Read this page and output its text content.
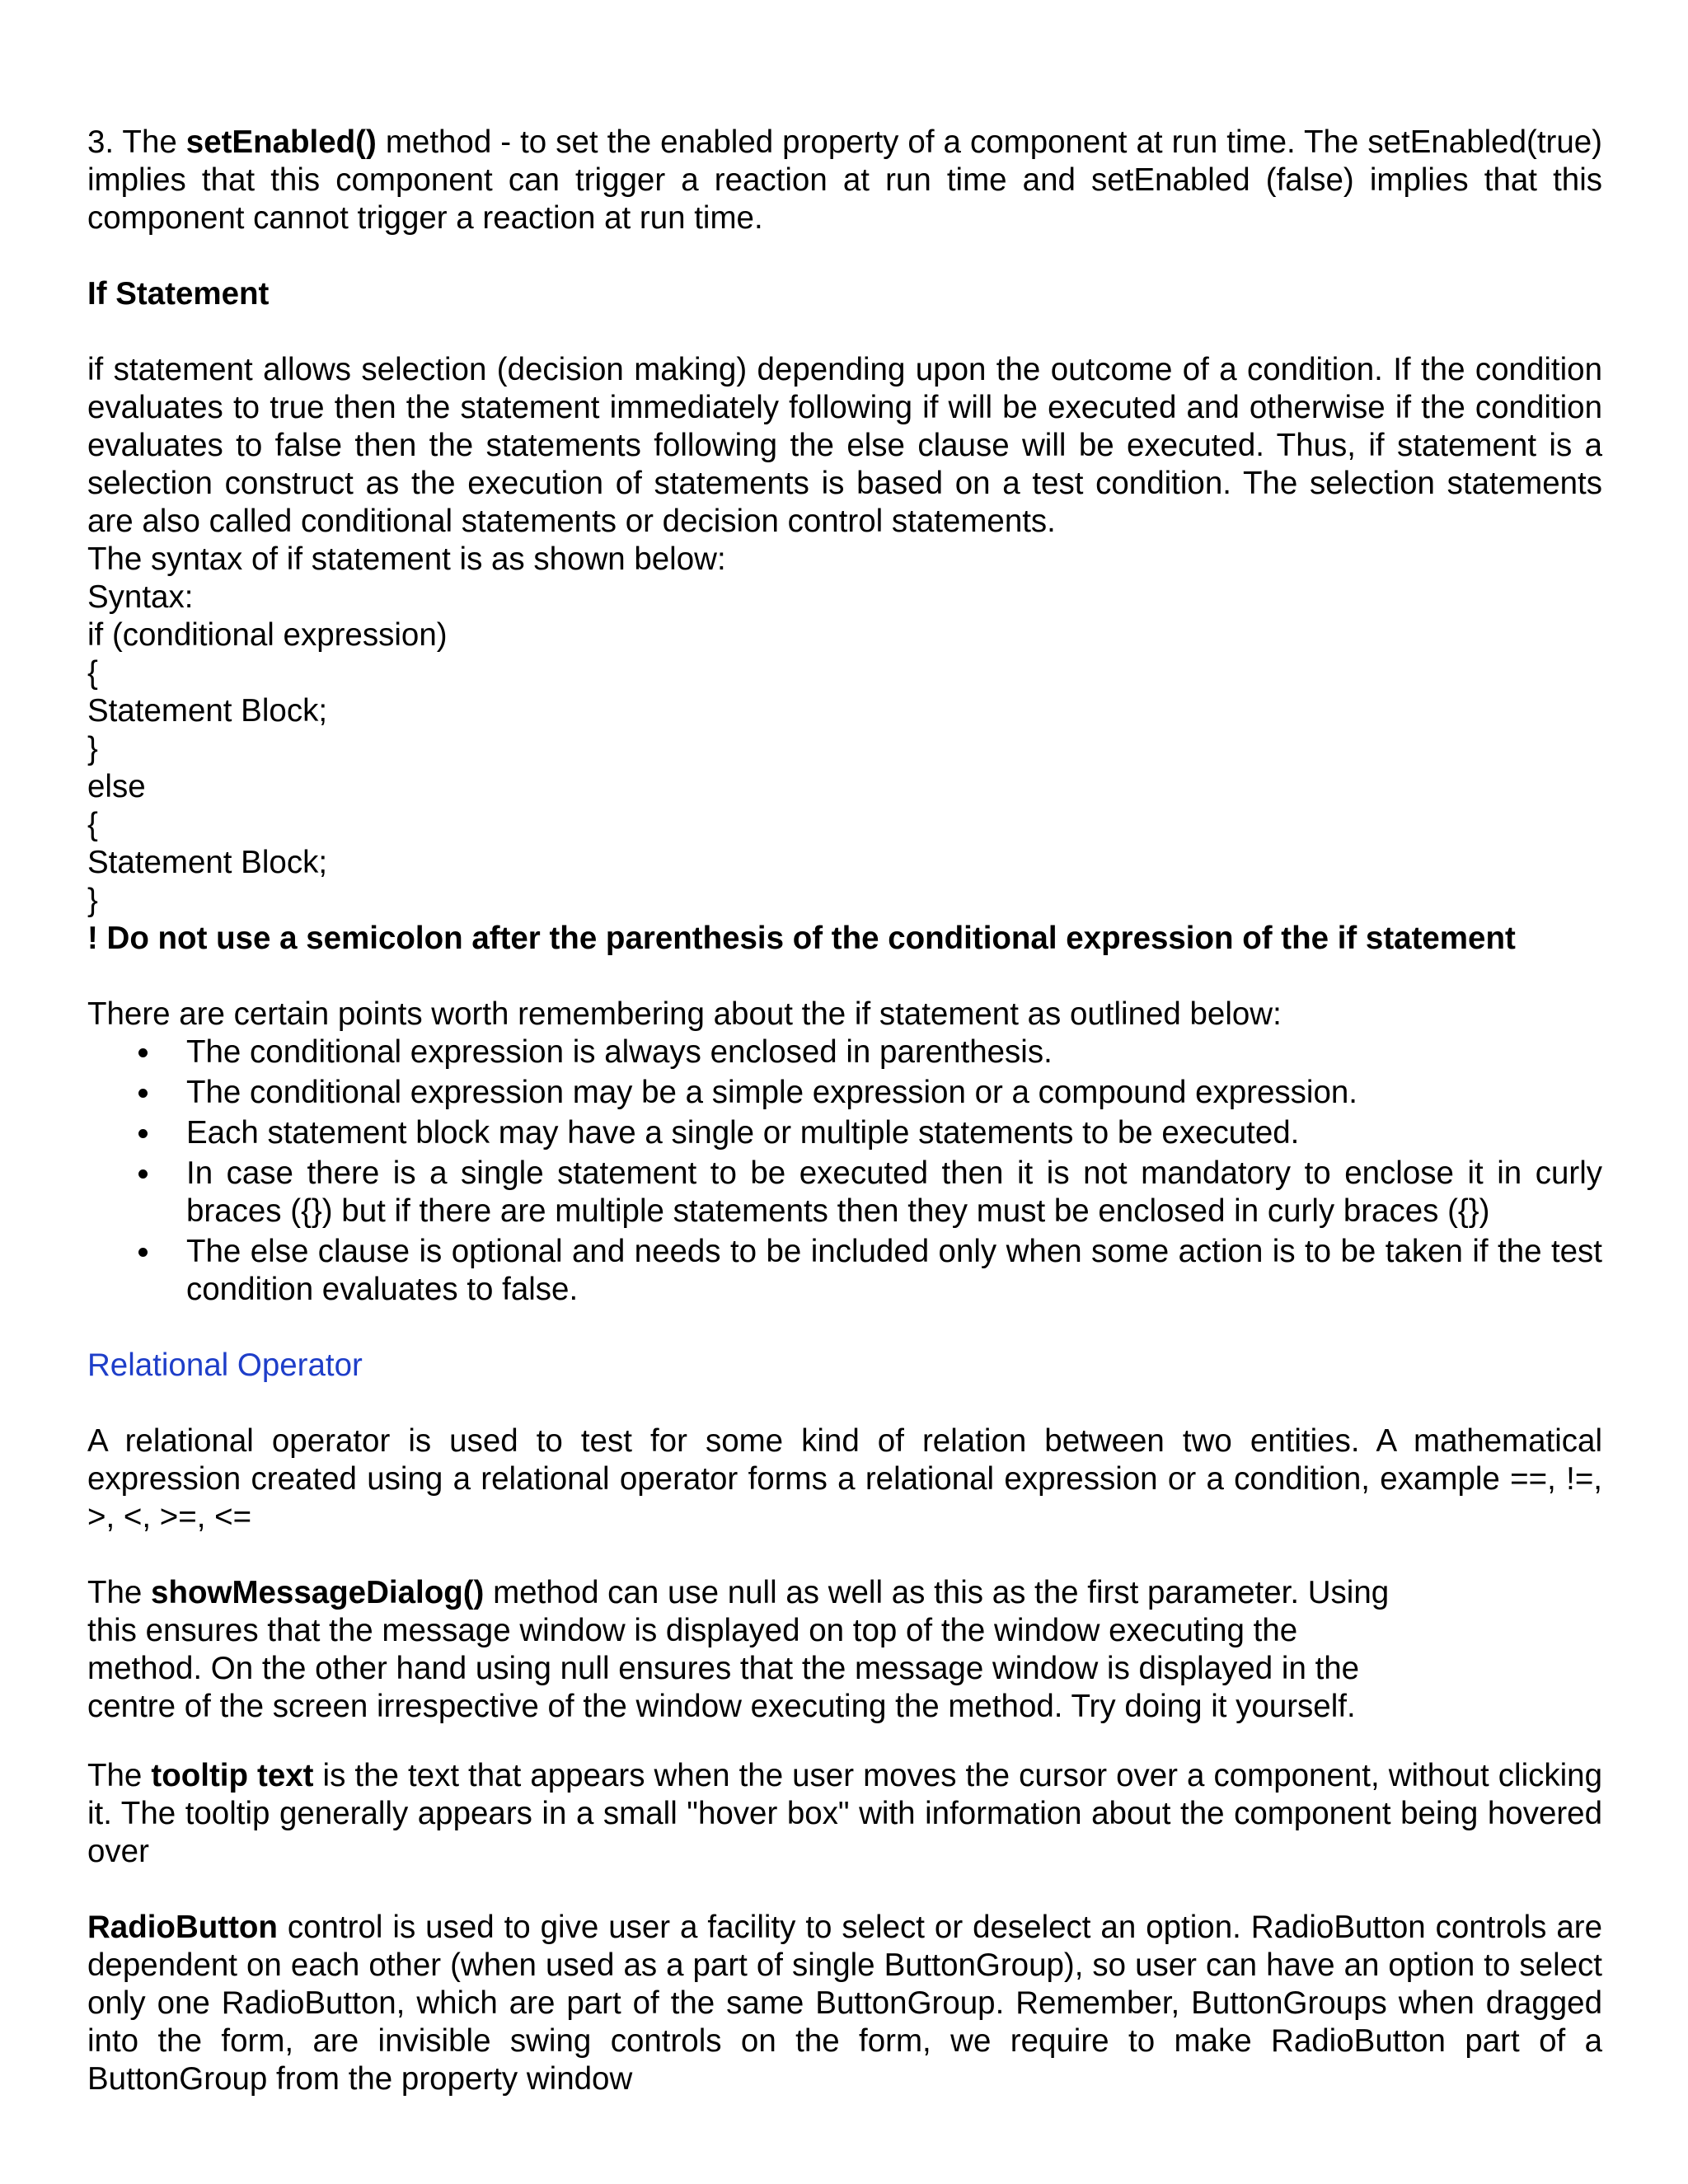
3. The setEnabled() method - to set the enabled property of a component at run time. The setEnabled(true) implies that this component can trigger a reaction at run time and setEnabled (false) implies that this component cannot trigger a reaction at run time.

If Statement

if statement allows selection (decision making) depending upon the outcome of a condition. If the condition evaluates to true then the statement immediately following if will be executed and otherwise if the condition evaluates to false then the statements following the else clause will be executed. Thus, if statement is a selection construct as the execution of statements is based on a test condition. The selection statements are also called conditional statements or decision control statements.

The syntax of if statement is as shown below:

Syntax:

if (conditional expression)

{

Statement Block;

}

else

{

Statement Block;

}

! Do not use a semicolon after the parenthesis of the conditional expression of the if statement

There are certain points worth remembering about the if statement as outlined below:

The conditional expression is always enclosed in parenthesis.
The conditional expression may be a simple expression or a compound expression.
Each statement block may have a single or multiple statements to be executed.
In case there is a single statement to be executed then it is not mandatory to enclose it in curly braces ({}) but if there are multiple statements then they must be enclosed in curly braces ({})
The else clause is optional and needs to be included only when some action is to be taken if the test condition evaluates to false.

Relational Operator

A relational operator is used to test for some kind of relation between two entities. A mathematical expression created using a relational operator forms a relational expression or a condition, example ==, !=, >, <, >=, <=

The showMessageDialog() method can use null as well as this as the first parameter. Using

this ensures that the message window is displayed on top of the window executing the

method. On the other hand using null ensures that the message window is displayed in the

centre of the screen irrespective of the window executing the method. Try doing it yourself.

The tooltip text is the text that appears when the user moves the cursor over a component, without clicking it. The tooltip generally appears in a small "hover box" with information about the component being hovered over

RadioButton control is used to give user a facility to select or deselect an option. RadioButton controls are dependent on each other (when used as a part of single ButtonGroup), so user can have an option to select only one RadioButton, which are part of the same ButtonGroup. Remember, ButtonGroups when dragged into the form, are invisible swing controls on the form, we require to make RadioButton part of a ButtonGroup from the property window
